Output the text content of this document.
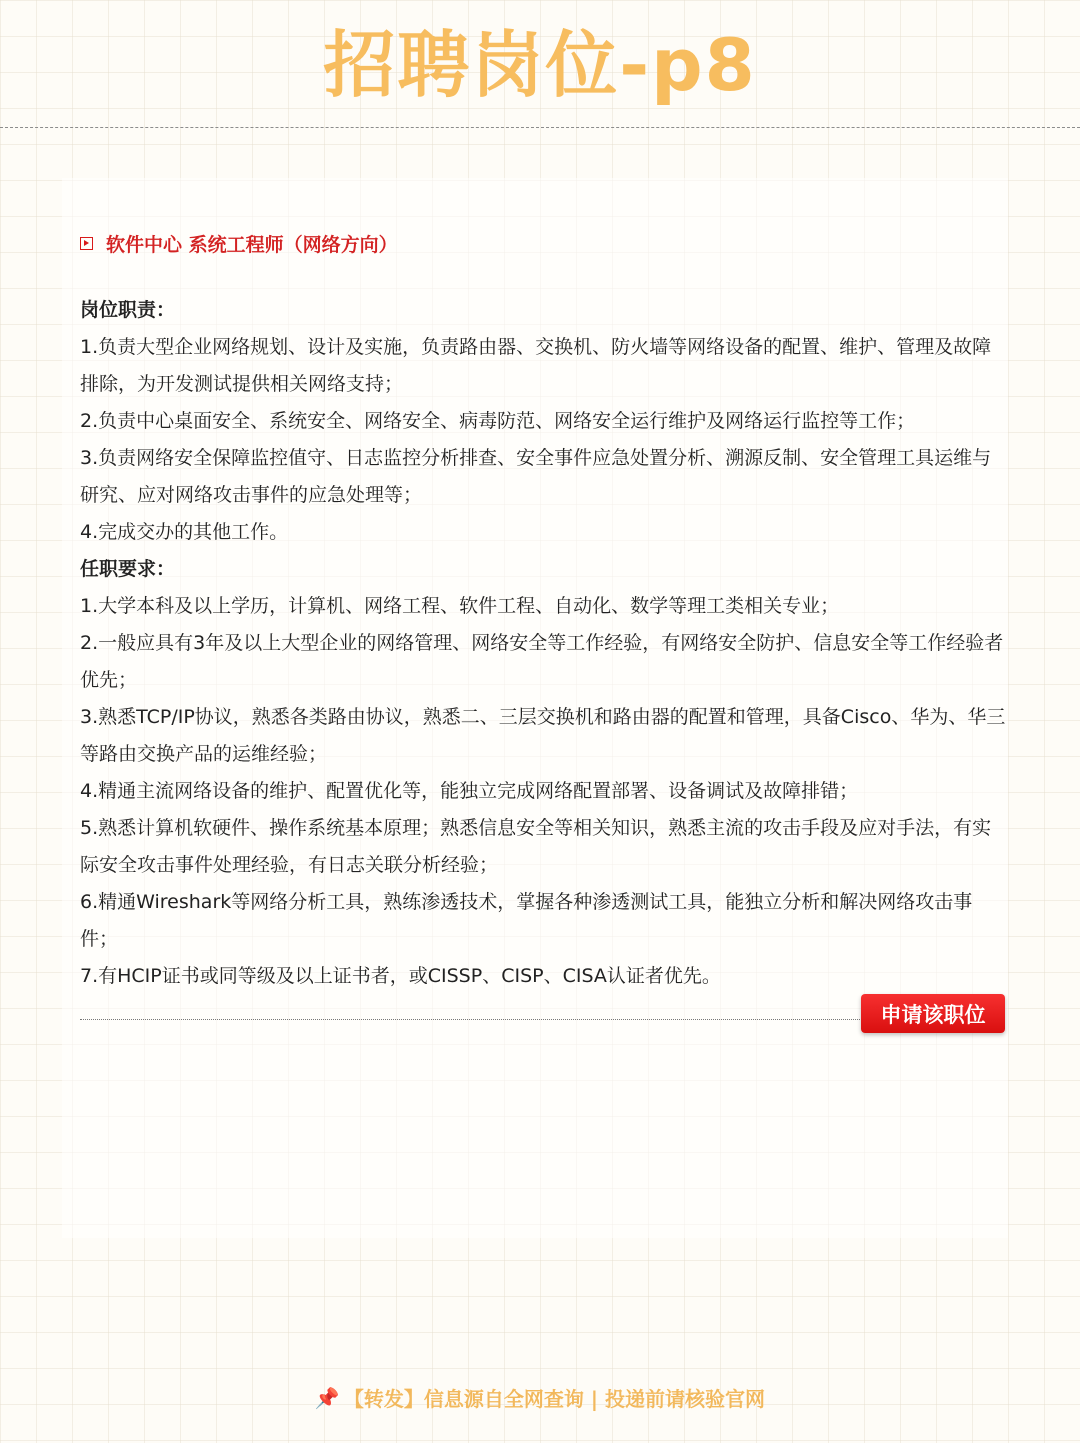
招聘岗位-p8
软件中心 系统工程师（网络方向）

岗位职责：

1.负责大型企业网络规划、设计及实施，负责路由器、交换机、防火墙等网络设备的配置、维护、管理及故障排除，为开发测试提供相关网络支持；

2.负责中心桌面安全、系统安全、网络安全、病毒防范、网络安全运行维护及网络运行监控等工作；

3.负责网络安全保障监控值守、日志监控分析排查、安全事件应急处置分析、溯源反制、安全管理工具运维与研究、应对网络攻击事件的应急处理等；

4.完成交办的其他工作。

任职要求：

1.大学本科及以上学历，计算机、网络工程、软件工程、自动化、数学等理工类相关专业；

2.一般应具有3年及以上大型企业的网络管理、网络安全等工作经验，有网络安全防护、信息安全等工作经验者优先；

3.熟悉TCP/IP协议，熟悉各类路由协议，熟悉二、三层交换机和路由器的配置和管理，具备Cisco、华为、华三等路由交换产品的运维经验；

4.精通主流网络设备的维护、配置优化等，能独立完成网络配置部署、设备调试及故障排错；

5.熟悉计算机软硬件、操作系统基本原理；熟悉信息安全等相关知识，熟悉主流的攻击手段及应对手法，有实际安全攻击事件处理经验，有日志关联分析经验；

6.精通Wireshark等网络分析工具，熟练渗透技术，掌握各种渗透测试工具，能独立分析和解决网络攻击事件；

7.有HCIP证书或同等级及以上证书者，或CISSP、CISP、CISA认证者优先。

申请该职位
📌 【转发】信息源自全网查询 | 投递前请核验官网
